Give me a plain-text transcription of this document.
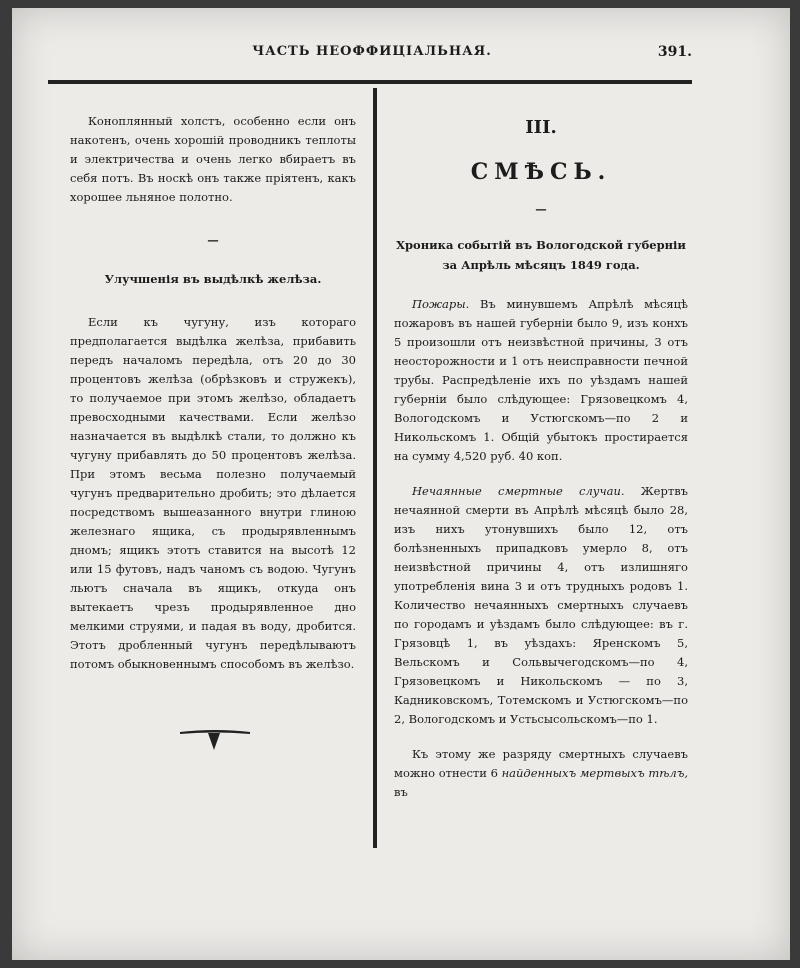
ЧАСТЬ НЕОФФИЦІАЛЬНАЯ.	391.

Коноплянный холстъ, особенно если онъ накотенъ, очень хорошій проводникъ теплоты и электричества и очень легко вбираетъ въ себя потъ. Въ носкѣ онъ также пріятенъ, какъ хорошее льняное полотно.

—
Улучшенія въ выдѣлкѣ желѣза.

Если къ чугуну, изъ котораго предполагается выдѣлка желѣза, прибавить передъ началомъ передѣла, отъ 20 до 30 процентовъ желѣза (обрѣзковъ и стружекъ), то получаемое при этомъ желѣзо, обладаетъ превосходными качествами. Если желѣзо назначается въ выдѣлкѣ стали, то должно къ чугуну прибавлять до 50 процентовъ желѣза. При этомъ весьма полезно получаемый чугунъ предварительно дробить; это дѣлается посредствомъ вышеазанного внутри глиною железнаго ящика, съ продырявленнымъ дномъ; ящикъ этотъ ставится на высотѣ 12 или 15 футовъ, надъ чаномъ съ водою. Чугунъ льютъ сначала въ ящикъ, откуда онъ вытекаетъ чрезъ продырявленное дно мелкими струями, и падая въ воду, дробится. Этотъ дробленный чугунъ передѣлываютъ потомъ обыкновеннымъ способомъ въ желѣзо.

III.
СМѢСЬ.
—
Хроника событій въ Вологодской губерніи за Апрѣль мѣсяцъ 1849 года.

Пожары. Въ минувшемъ Апрѣлѣ мѣсяцѣ пожаровъ въ нашей губерніи было 9, изъ конхъ 5 произошли отъ неизвѣстной причины, 3 отъ неосторожности и 1 отъ неисправности печной трубы. Распредѣленіе ихъ по уѣздамъ нашей губерніи было слѣдующее: Грязовецкомъ 4, Вологодскомъ и Устюгскомъ—по 2 и Никольскомъ 1. Общій убытокъ простирается на сумму 4,520 руб. 40 коп.

Нечаянные смертные случаи. Жертвъ нечаянной смерти въ Апрѣлѣ мѣсяцѣ было 28, изъ нихъ утонувшихъ было 12, отъ болѣзненныхъ припадковъ умерло 8, отъ неизвѣстной причины 4, отъ излишняго употребленія вина 3 и отъ трудныхъ родовъ 1. Количество нечаянныхъ смертныхъ случаевъ по городамъ и уѣздамъ было слѣдующее: въ г. Грязовцѣ 1, въ уѣздахъ: Яренскомъ 5, Вельскомъ и Сольвычегодскомъ—по 4, Грязовецкомъ и Никольскомъ — по 3, Кадниковскомъ, Тотемскомъ и Устюгскомъ—по 2, Вологодскомъ и Устьсысольскомъ—по 1.

Къ этому же разряду смертныхъ случаевъ можно отнести 6 найденныхъ мертвыхъ тѣлъ, въ
